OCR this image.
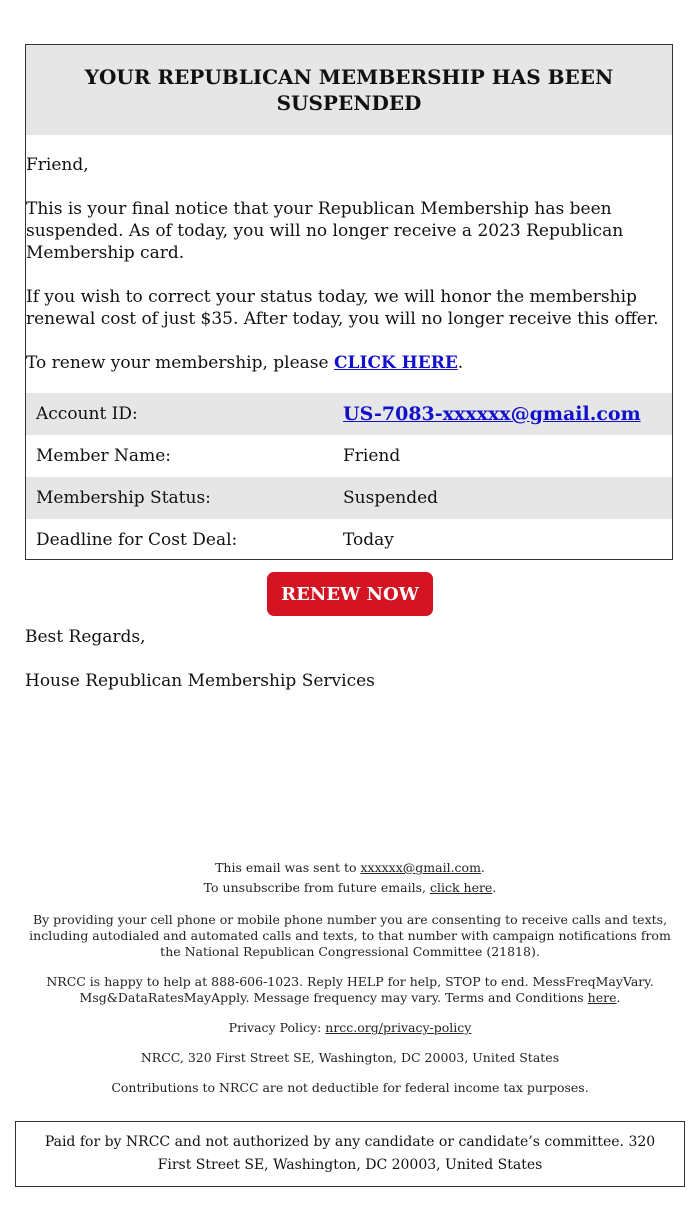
YOUR REPUBLICAN MEMBERSHIP HAS BEEN SUSPENDED

Friend,

This is your final notice that your Republican Membership has been suspended. As of today, you will no longer receive a 2023 Republican Membership card.

If you wish to correct your status today, we will honor the membership renewal cost of just $35. After today, you will no longer receive this offer.

To renew your membership, please CLICK HERE.

Account ID:	US-7083-xxxxxx@gmail.com
Member Name:	Friend
Membership Status:	Suspended
Deadline for Cost Deal:	Today
RENEW NOW
Best Regards,
House Republican Membership Services
This email was sent to xxxxxx@gmail.com.
To unsubscribe from future emails, click here.
By providing your cell phone or mobile phone number you are consenting to receive calls and texts, including autodialed and automated calls and texts, to that number with campaign notifications from the National Republican Congressional Committee (21818).
NRCC is happy to help at 888-606-1023. Reply HELP for help, STOP to end. MessFreqMayVary. Msg&DataRatesMayApply. Message frequency may vary. Terms and Conditions here.
Privacy Policy: nrcc.org/privacy-policy
NRCC, 320 First Street SE, Washington, DC 20003, United States
Contributions to NRCC are not deductible for federal income tax purposes.
Paid for by NRCC and not authorized by any candidate or candidate’s committee. 320 First Street SE, Washington, DC 20003, United States
